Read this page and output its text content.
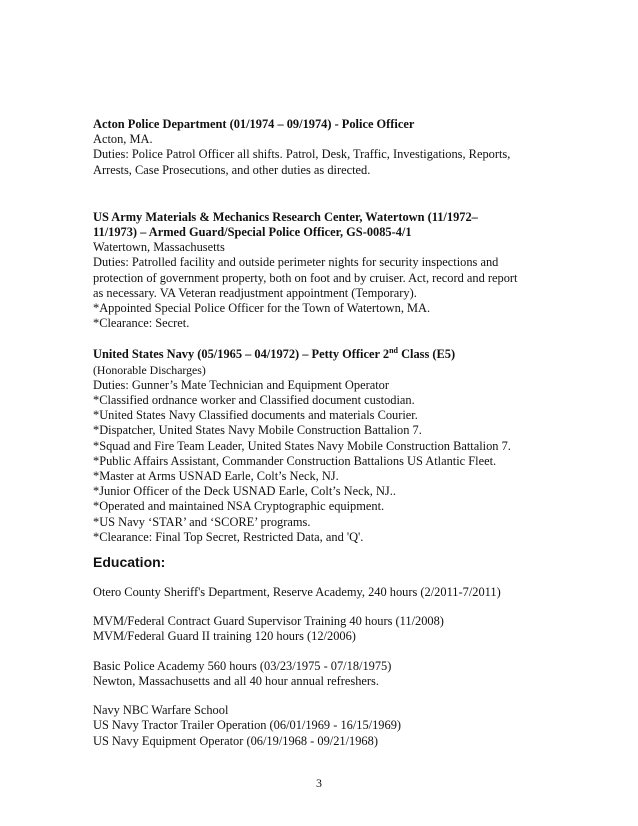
Acton Police Department (01/1974 – 09/1974) - Police Officer
Acton, MA.
Duties: Police Patrol Officer all shifts. Patrol, Desk, Traffic, Investigations, Reports,
Arrests, Case Prosecutions, and other duties as directed.
US Army Materials & Mechanics Research Center, Watertown (11/1972–
11/1973) – Armed Guard/Special Police Officer, GS-0085-4/1
Watertown, Massachusetts
Duties: Patrolled facility and outside perimeter nights for security inspections and
protection of government property, both on foot and by cruiser. Act, record and report
as necessary. VA Veteran readjustment appointment (Temporary).
*Appointed Special Police Officer for the Town of Watertown, MA.
*Clearance: Secret.
United States Navy (05/1965 – 04/1972) – Petty Officer 2nd Class (E5)
(Honorable Discharges)
Duties: Gunner’s Mate Technician and Equipment Operator
*Classified ordnance worker and Classified document custodian.
*United States Navy Classified documents and materials Courier.
*Dispatcher, United States Navy Mobile Construction Battalion 7.
*Squad and Fire Team Leader, United States Navy Mobile Construction Battalion 7.
*Public Affairs Assistant, Commander Construction Battalions US Atlantic Fleet.
*Master at Arms USNAD Earle, Colt’s Neck, NJ.
*Junior Officer of the Deck USNAD Earle, Colt’s Neck, NJ..
*Operated and maintained NSA Cryptographic equipment.
*US Navy ‘STAR’ and ‘SCORE’ programs.
*Clearance: Final Top Secret, Restricted Data, and 'Q'.
Education:
Otero County Sheriff's Department, Reserve Academy, 240 hours (2/2011-7/2011)
MVM/Federal Contract Guard Supervisor Training 40 hours (11/2008)
MVM/Federal Guard II training 120 hours (12/2006)
Basic Police Academy 560 hours (03/23/1975 - 07/18/1975)
Newton, Massachusetts and all 40 hour annual refreshers.
Navy NBC Warfare School
US Navy Tractor Trailer Operation (06/01/1969 - 16/15/1969)
US Navy Equipment Operator (06/19/1968 - 09/21/1968)
3
